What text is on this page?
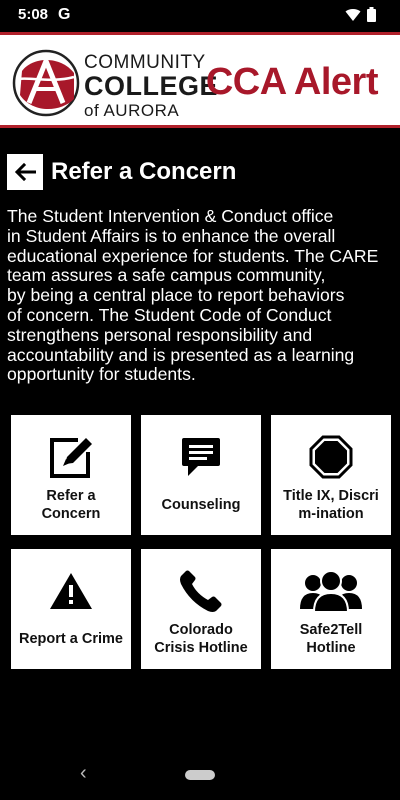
5:08 G
COMMUNITY
COLLEGE
of AURORA
CCA Alert
Refer a Concern
The Student Intervention & Conduct office
in Student Affairs is to enhance the overall
educational experience for students. The CARE
team assures a safe campus community,
by being a central place to report behaviors
of concern. The Student Code of Conduct
strengthens personal responsibility and
accountability and is presented as a learning
opportunity for students.
Refer a
Concern
Counseling
Title IX, Discri
m-ination
Report a Crime
Colorado
Crisis Hotline
Safe2Tell
Hotline
‹
